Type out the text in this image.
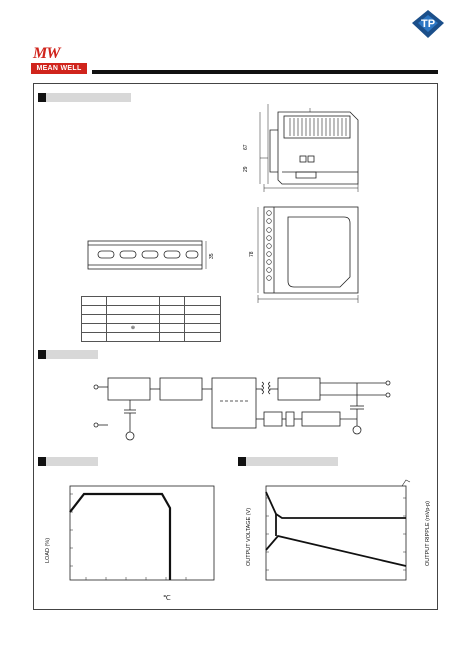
MW
MEAN WELL
TP
67
29
78
35

	⊕		

LOAD (%)
℃
OUTPUT VOLTAGE (V)	OUTPUT RIPPLE (mVp-p)
